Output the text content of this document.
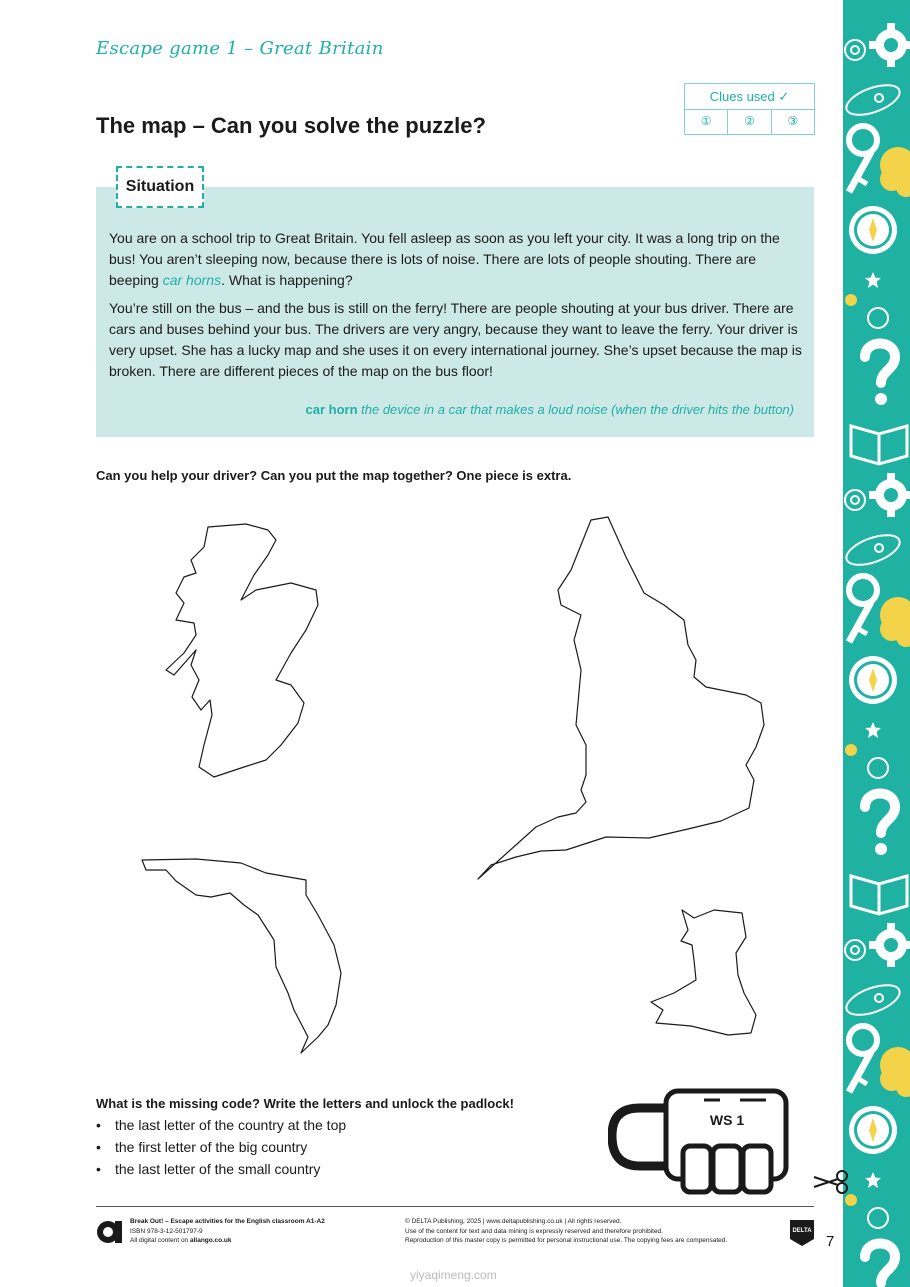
Escape game 1 – Great Britain
The map – Can you solve the puzzle?
Clues used ✓
①	②	③
Situation

You are on a school trip to Great Britain. You fell asleep as soon as you left your city. It was a long trip on the bus! You aren’t sleeping now, because there is lots of noise. There are lots of people shouting. There are beeping car horns. What is happening?

You’re still on the bus – and the bus is still on the ferry! There are people shouting at your bus driver. There are cars and buses behind your bus. The drivers are very angry, because they want to leave the ferry. Your driver is very upset. She has a lucky map and she uses it on every international journey. She’s upset because the map is broken. There are different pieces of the map on the bus floor!

car horn the device in a car that makes a loud noise (when the driver hits the button)
Can you help your driver? Can you put the map together? One piece is extra.
What is the missing code? Write the letters and unlock the padlock!
• the last letter of the country at the top
• the first letter of the big country
• the last letter of the small country
WS 1
Break Out! – Escape activities for the English classroom A1-A2
ISBN 978-3-12-501797-9
All digital content on allango.co.uk
© DELTA Publishing, 2025 | www.deltapublishing.co.uk | All rights reserved.
Use of the content for text and data mining is expressly reserved and therefore prohibited.
Reproduction of this master copy is permitted for personal instructional use. The copying fees are compensated.
DELTA
7
yiyaqimeng.com
